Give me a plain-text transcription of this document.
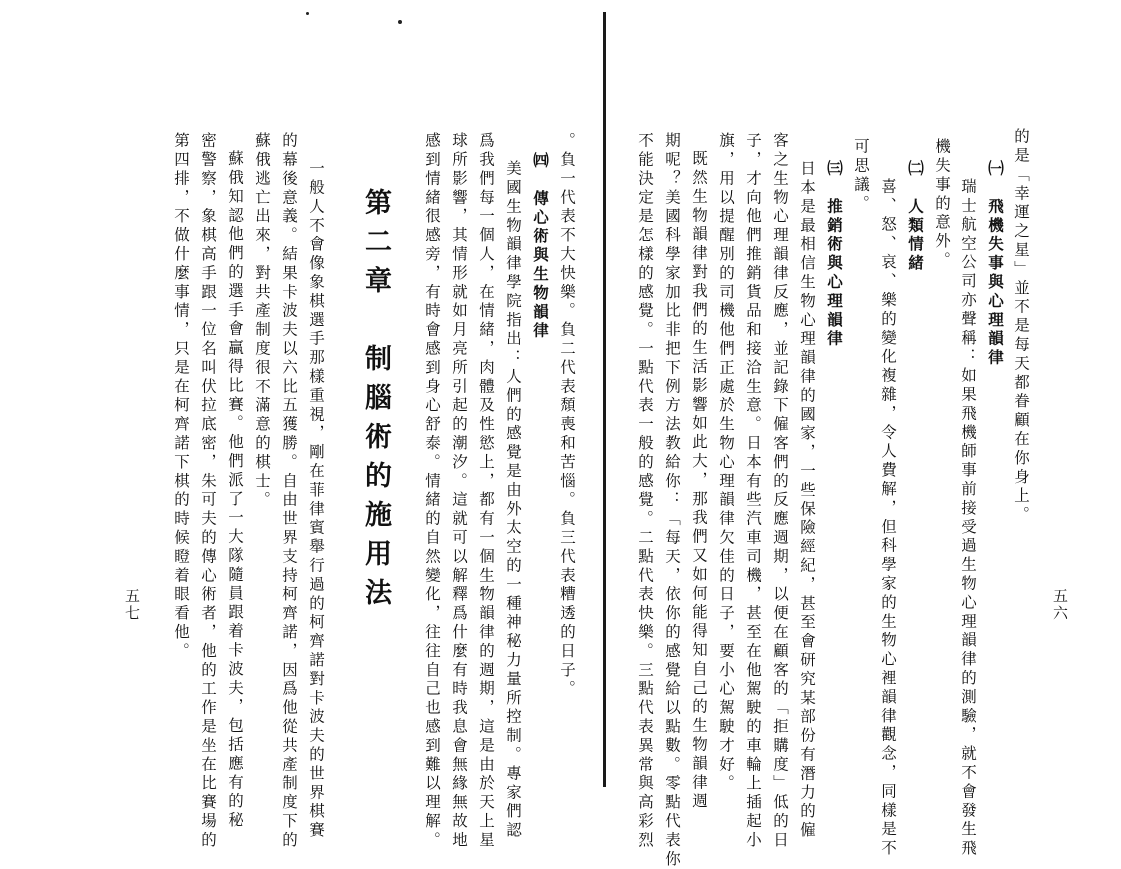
的是「幸運之星」並不是每天都眷顧在你身上。
㈠　飛機失事與心理韻律
瑞士航空公司亦聲稱：如果飛機師事前接受過生物心理韻律的測驗，就不會發生飛
機失事的意外。
㈡　人類情緒
喜、怒、哀、樂的變化複雜，令人費解，但科學家的生物心裡韻律觀念，同樣是不
可思議。
㈢　推銷術與心理韻律
日本是最相信生物心理韻律的國家，一些保險經紀，甚至會研究某部份有潛力的僱
客之生物心理韻律反應，並記錄下僱客們的反應週期，以便在顧客的「拒購度」低的日
子，才向他們推銷貨品和接洽生意。日本有些汽車司機，甚至在他駕駛的車輪上插起小
旗，用以提醒別的司機他們正處於生物心理韻律欠佳的日子，要小心駕駛才好。
既然生物韻律對我們的生活影響如此大，那我們又如何能得知自己的生物韻律週
期呢？美國科學家加比非把下例方法教給你：「每天，依你的感覺給以點數。零點代表你
不能決定是怎樣的感覺。一點代表一般的感覺。二點代表快樂。三點代表異常與高彩烈	五六
。負一代表不大快樂。負二代表頹喪和苦惱。負三代表糟透的日子。
㈣　傳心術與生物韻律
美國生物韻律學院指出：人們的感覺是由外太空的一種神秘力量所控制。專家們認
爲我們每一個人，在情緒，肉體及性慾上，都有一個生物韻律的週期，這是由於天上星
球所影響，其情形就如月亮所引起的潮汐。這就可以解釋爲什麼有時我息會無緣無故地
感到情緒很感旁，有時會感到身心舒泰。情緒的自然變化，往往自己也感到難以理解。
第二章　制腦術的施用法
一般人不會像象棋選手那樣重視，剛在菲律賓舉行過的柯齊諾對卡波夫的世界棋賽
的幕後意義。結果卡波夫以六比五獲勝。自由世界支持柯齊諾，因爲他從共產制度下的
蘇俄逃亡出來，對共產制度很不滿意的棋士。
蘇俄知認他們的選手會贏得比賽。他們派了一大隊隨員跟着卡波夫，包括應有的秘
密警察，象棋高手跟一位名叫伏拉底密，朱可夫的傳心術者，他的工作是坐在比賽場的
第四排，不做什麼事情，只是在柯齊諾下棋的時候瞪着眼看他。
五七
